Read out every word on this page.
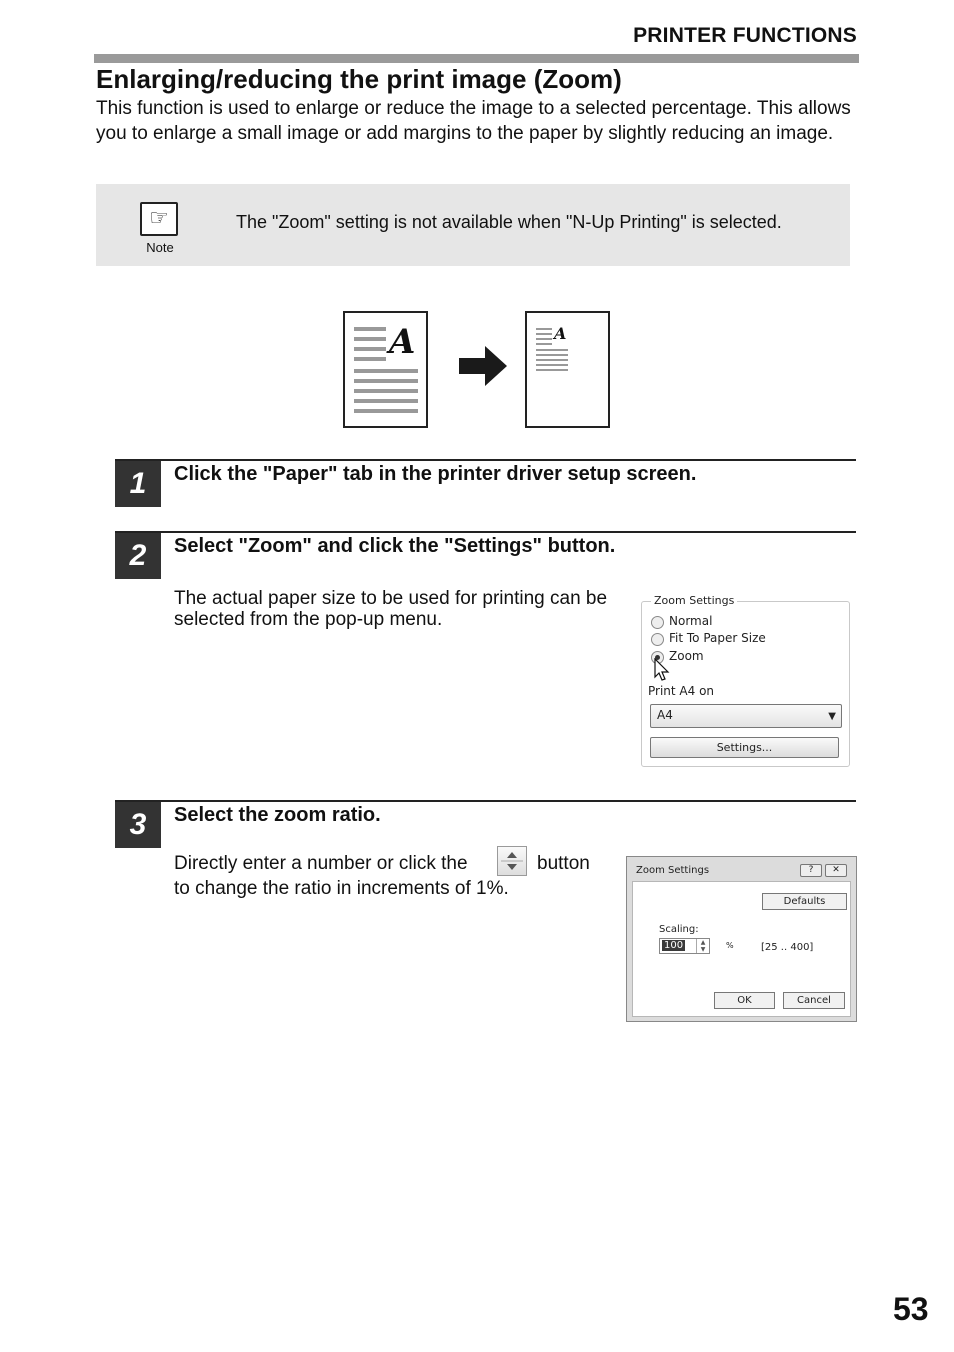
PRINTER FUNCTIONS
Enlarging/reducing the print image (Zoom)
This function is used to enlarge or reduce the image to a selected percentage. This allows you to enlarge a small image or add margins to the paper by slightly reducing an image.
☞
Note
The "Zoom" setting is not available when "N-Up Printing" is selected.
A	A
1	Click the "Paper" tab in the printer driver setup screen.
2	Select "Zoom" and click the "Settings" button.
The actual paper size to be used for printing can be selected from the pop-up menu.
Zoom Settings
Normal
Fit To Paper Size
Zoom
Print A4 on
A4	▼
Settings...
3	Select the zoom ratio.
Directly enter a number or click the	button
to change the ratio in increments of 1%.
Zoom Settings	?	✕
Defaults
Scaling:
100	▲
▼	%	[25 .. 400]
OK	Cancel
53
